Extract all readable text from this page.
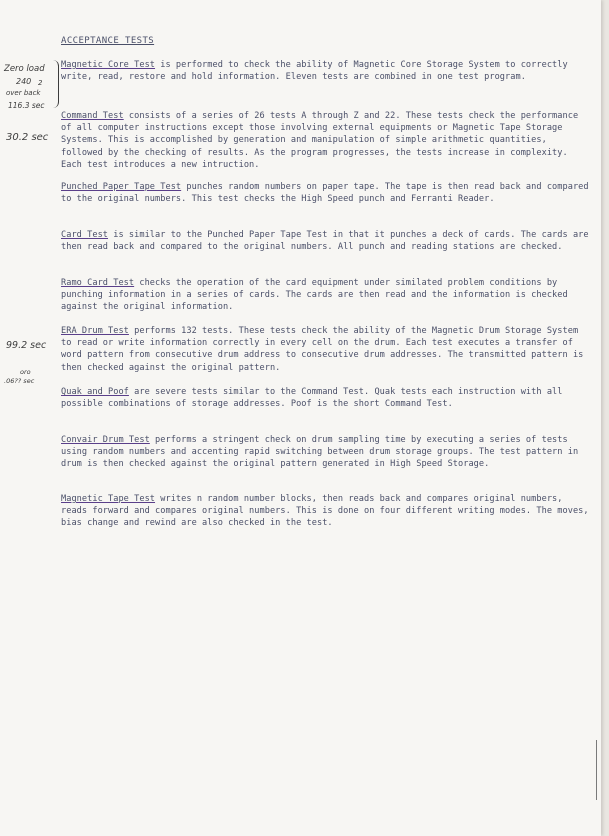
ACCEPTANCE TESTS
Zero load
240 2
over back
116.3 sec
30.2 sec
99.2 sec
oro
.06?? sec

Magnetic Core Test is performed to check the ability of Magnetic Core Storage System to correctly write, read, restore and hold information. Eleven tests are combined in one test program.

Command Test consists of a series of 26 tests A through Z and 22. These tests check the performance of all computer instructions except those involving external equipments or Magnetic Tape Storage Systems. This is accomplished by generation and manipulation of simple arithmetic quantities, followed by the checking of results. As the program progresses, the tests increase in complexity. Each test introduces a new intruction.

Punched Paper Tape Test punches random numbers on paper tape. The tape is then read back and compared to the original numbers. This test checks the High Speed punch and Ferranti Reader.

Card Test is similar to the Punched Paper Tape Test in that it punches a deck of cards. The cards are then read back and compared to the original numbers. All punch and reading stations are checked.

Ramo Card Test checks the operation of the card equipment under similated problem conditions by punching information in a series of cards. The cards are then read and the information is checked against the original information.

ERA Drum Test performs 132 tests. These tests check the ability of the Magnetic Drum Storage System to read or write information correctly in every cell on the drum. Each test executes a transfer of word pattern from consecutive drum address to consecutive drum addresses. The transmitted pattern is then checked against the original pattern.

Quak and Poof are severe tests similar to the Command Test. Quak tests each instruction with all possible combinations of storage addresses. Poof is the short Command Test.

Convair Drum Test performs a stringent check on drum sampling time by executing a series of tests using random numbers and accenting rapid switching between drum storage groups. The test pattern in drum is then checked against the original pattern generated in High Speed Storage.

Magnetic Tape Test writes n random number blocks, then reads back and compares original numbers, reads forward and compares original numbers. This is done on four different writing modes. The moves, bias change and rewind are also checked in the test.
